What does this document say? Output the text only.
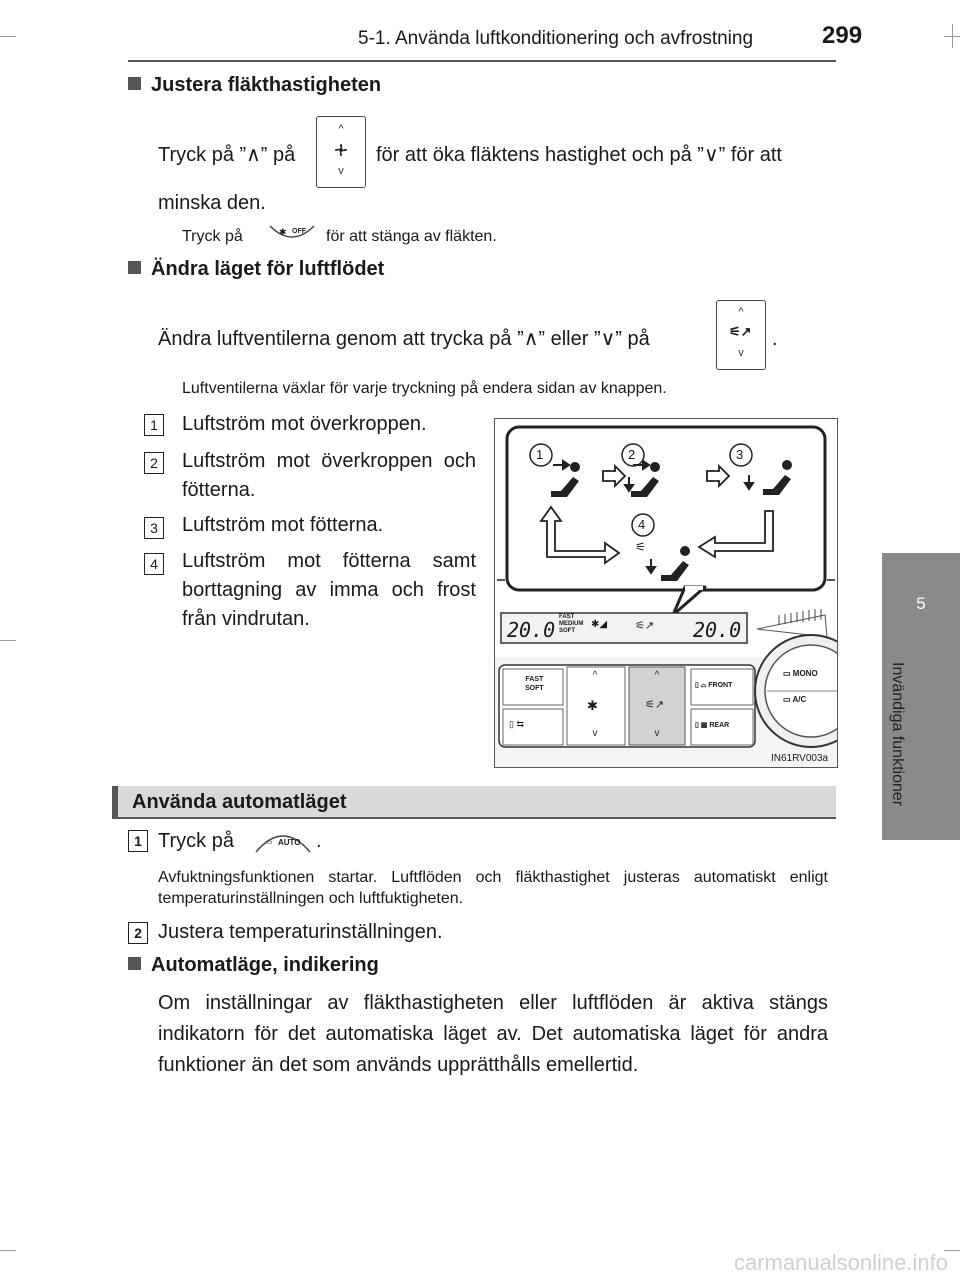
5-1. Använda luftkonditionering och avfrostning	299
5
Invändiga funktioner
Justera fläkthastigheten
Tryck på ”∧” på
^
v
för att öka fläktens hastighet och på ”∨” för att
minska den.
Tryck på	✱ OFF för att stänga av fläkten.
Ändra läget för luftflödet
Ändra luftventilerna genom att trycka på ”∧” eller ”∨” på
^
⚟↗
v
.
Luftventilerna växlar för varje tryckning på endera sidan av knappen.
1	Luftström mot överkroppen.
2	Luftström mot överkroppen och fötterna.
3	Luftström mot fötterna.
4	Luftström mot fötterna samt borttagning av imma och frost från vindrutan.
⚟
^
v
^
v
1	2	3
4
20.0
FAST
MEDIUM
SOFT
✱◢	⚟↗ 20.0
FAST
SOFT
▯ ⇆
✱	⚟↗
▯ ⌓ FRONT
▯ ▦ REAR
▭ MONO
▭ A/C
IN61RV003a
Använda automatläget
1 Tryck på	▭ AUTO .
Avfuktningsfunktionen startar. Luftflöden och fläkthastighet justeras automatiskt enligt temperaturinställningen och luftfuktigheten.
2 Justera temperaturinställningen.
Automatläge, indikering
Om inställningar av fläkthastigheten eller luftflöden är aktiva stängs indikatorn för det automatiska läget av. Det automatiska läget för andra funktioner än det som används upprätthålls emellertid.
carmanualsonline.info
